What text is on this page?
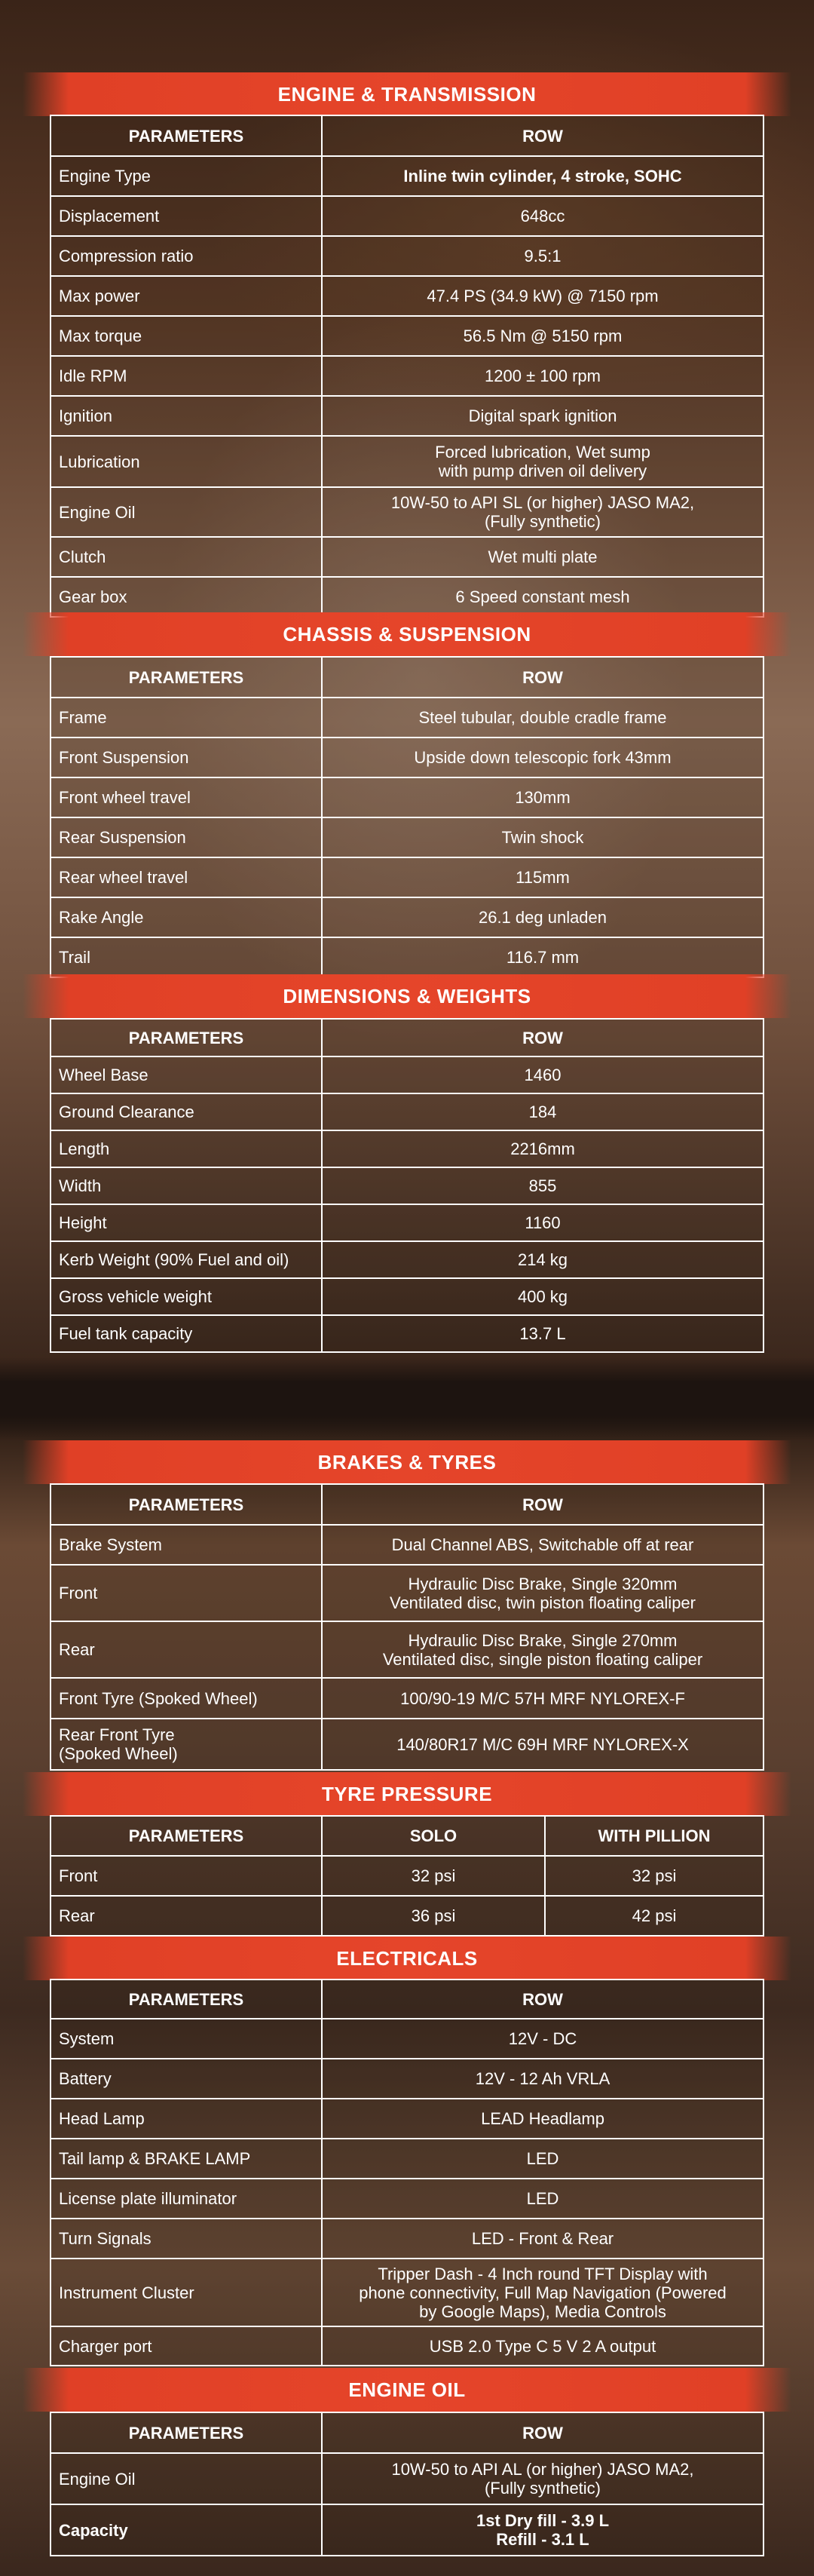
ENGINE & TRANSMISSION
PARAMETERS	ROW
Engine Type	Inline twin cylinder, 4 stroke, SOHC
Displacement	648cc
Compression ratio	9.5:1
Max power	47.4 PS (34.9 kW) @ 7150 rpm
Max torque	56.5 Nm @ 5150 rpm
Idle RPM	1200 ± 100 rpm
Ignition	Digital spark ignition
Lubrication	Forced lubrication, Wet sump
with pump driven oil delivery
Engine Oil	10W-50 to API SL (or higher) JASO MA2,
(Fully synthetic)
Clutch	Wet multi plate
Gear box	6 Speed constant mesh
CHASSIS & SUSPENSION
PARAMETERS	ROW
Frame	Steel tubular, double cradle frame
Front Suspension	Upside down telescopic fork 43mm
Front wheel travel	130mm
Rear Suspension	Twin shock
Rear wheel travel	115mm
Rake Angle	26.1 deg unladen
Trail	116.7 mm
DIMENSIONS & WEIGHTS
PARAMETERS	ROW
Wheel Base	1460
Ground Clearance	184
Length	2216mm
Width	855
Height	1160
Kerb Weight (90% Fuel and oil)	214 kg
Gross vehicle weight	400 kg
Fuel tank capacity	13.7 L
BRAKES & TYRES
PARAMETERS	ROW
Brake System	Dual Channel ABS, Switchable off at rear
Front	Hydraulic Disc Brake, Single 320mm
Ventilated disc, twin piston floating caliper
Rear	Hydraulic Disc Brake, Single 270mm
Ventilated disc, single piston floating caliper
Front Tyre (Spoked Wheel)	100/90-19 M/C 57H MRF NYLOREX-F
Rear Front Tyre
(Spoked Wheel)	140/80R17 M/C 69H MRF NYLOREX-X
TYRE PRESSURE
PARAMETERS	SOLO	WITH PILLION
Front	32 psi	32 psi
Rear	36 psi	42 psi
ELECTRICALS
PARAMETERS	ROW
System	12V - DC
Battery	12V - 12 Ah VRLA
Head Lamp	LEAD Headlamp
Tail lamp & BRAKE LAMP	LED
License plate illuminator	LED
Turn Signals	LED - Front & Rear
Instrument Cluster	Tripper Dash - 4 Inch round TFT Display with
phone connectivity, Full Map Navigation (Powered
by Google Maps), Media Controls
Charger port	USB 2.0 Type C 5 V 2 A output
ENGINE OIL
PARAMETERS	ROW
Engine Oil	10W-50 to API AL (or higher) JASO MA2,
(Fully synthetic)
Capacity	1st Dry fill - 3.9 L
Refill - 3.1 L
